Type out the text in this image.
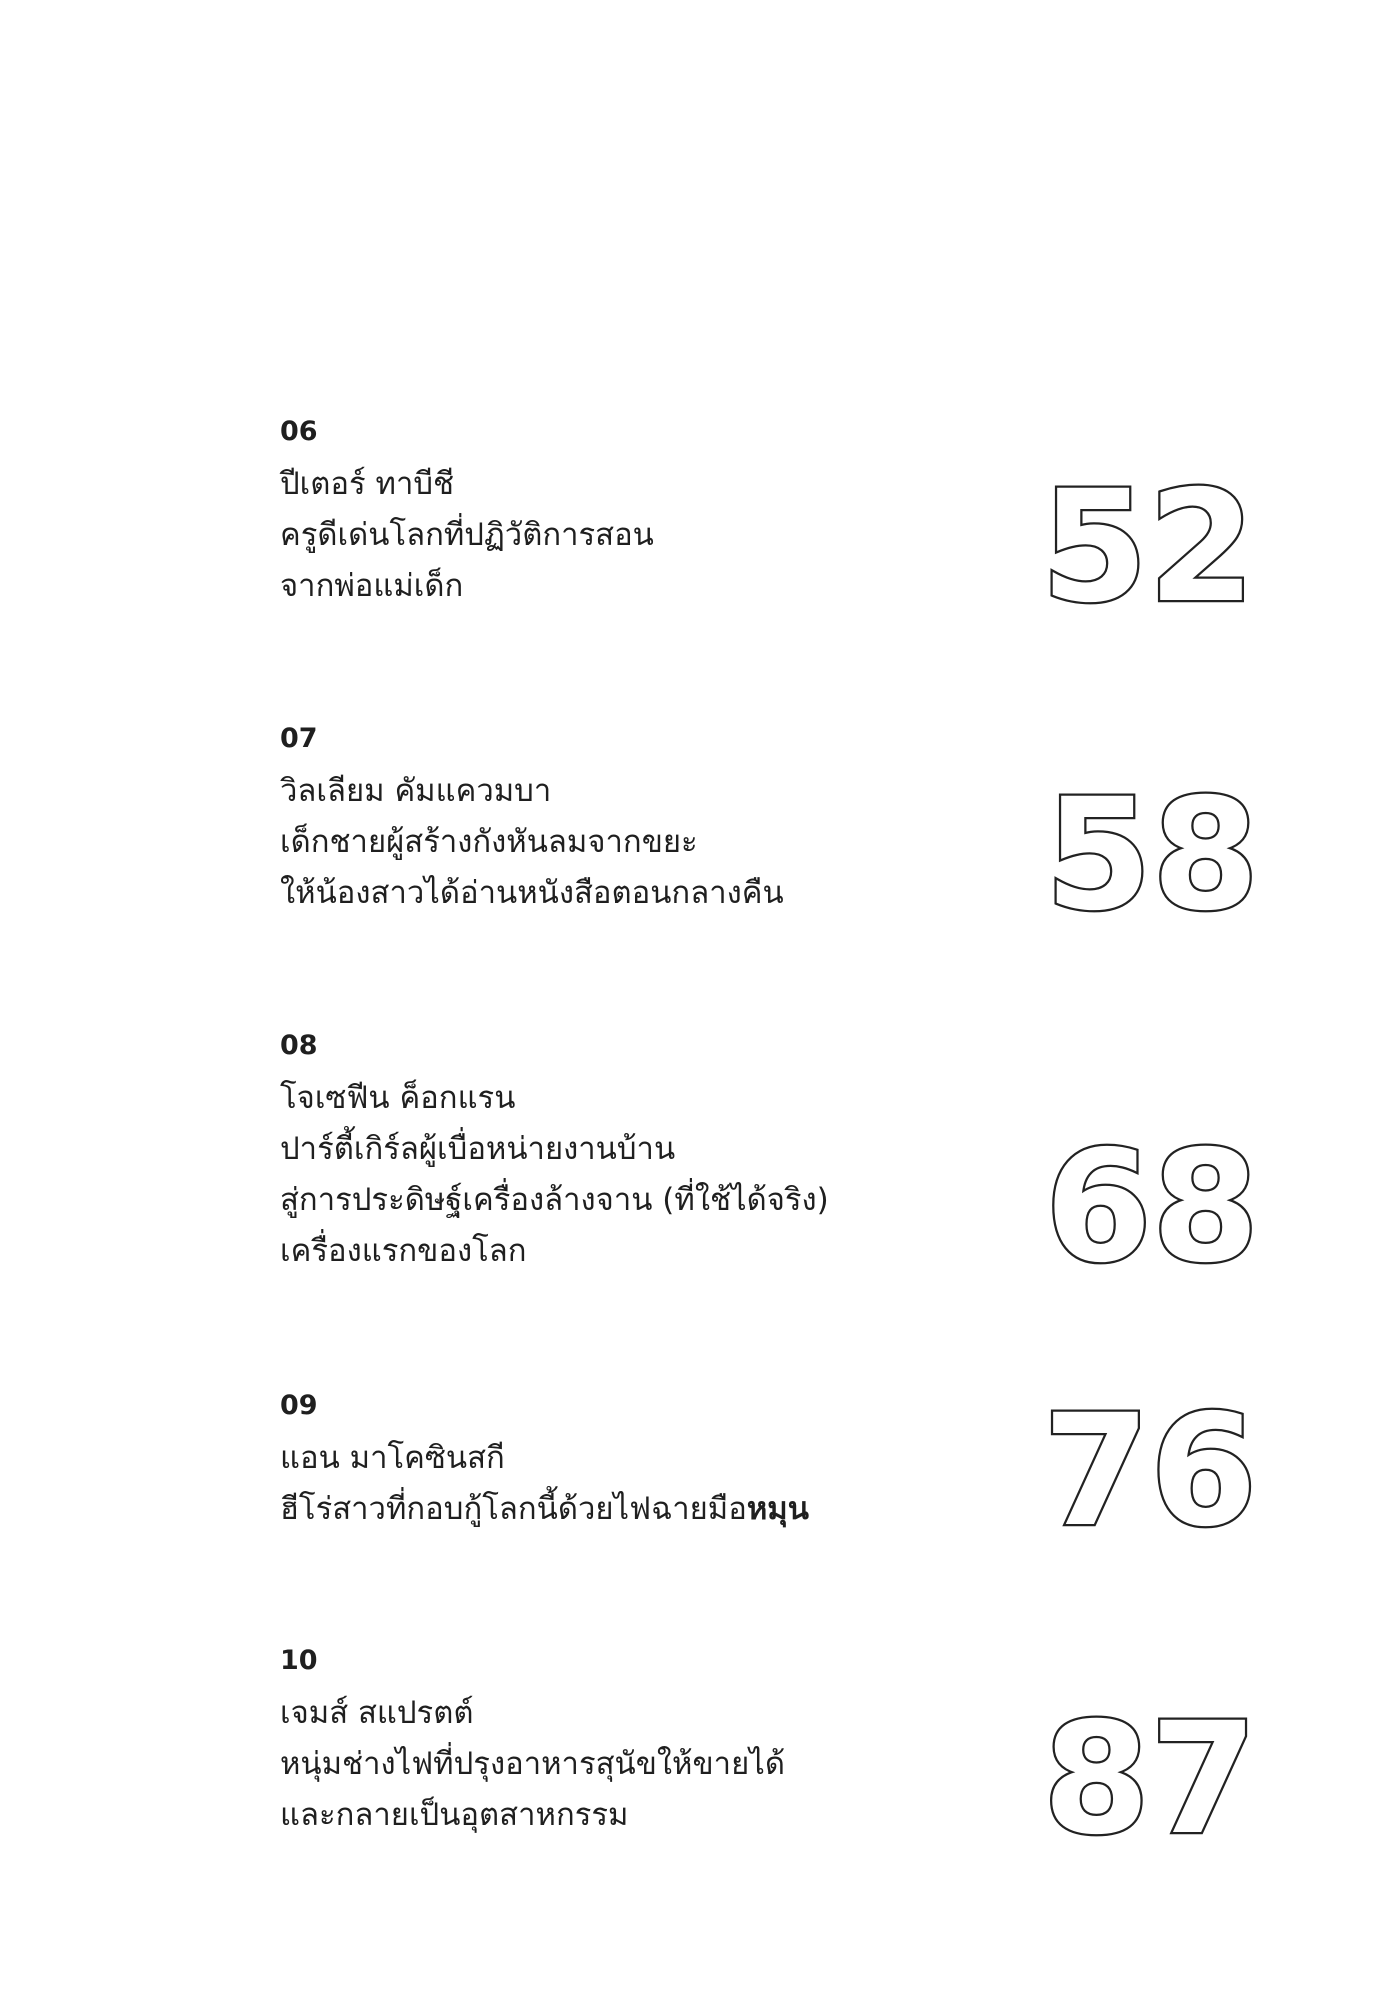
06
ปีเตอร์ ทาบีชี
ครูดีเด่นโลกที่ปฏิวัติการสอน
จากพ่อแม่เด็ก	52
07
วิลเลียม คัมแควมบา
เด็กชายผู้สร้างกังหันลมจากขยะ
ให้น้องสาวได้อ่านหนังสือตอนกลางคืน	58
08
โจเซฟีน ค็อกแรน
ปาร์ตี้เกิร์ลผู้เบื่อหน่ายงานบ้าน
สู่การประดิษฐ์เครื่องล้างจาน (ที่ใช้ได้จริง)
เครื่องแรกของโลก	68
09
แอน มาโคซินสกี
ฮีโร่สาวที่กอบกู้โลกนี้ด้วยไฟฉายมือหมุน	76
10
เจมส์ สแปรตต์
หนุ่มช่างไฟที่ปรุงอาหารสุนัขให้ขายได้
และกลายเป็นอุตสาหกรรม	87
